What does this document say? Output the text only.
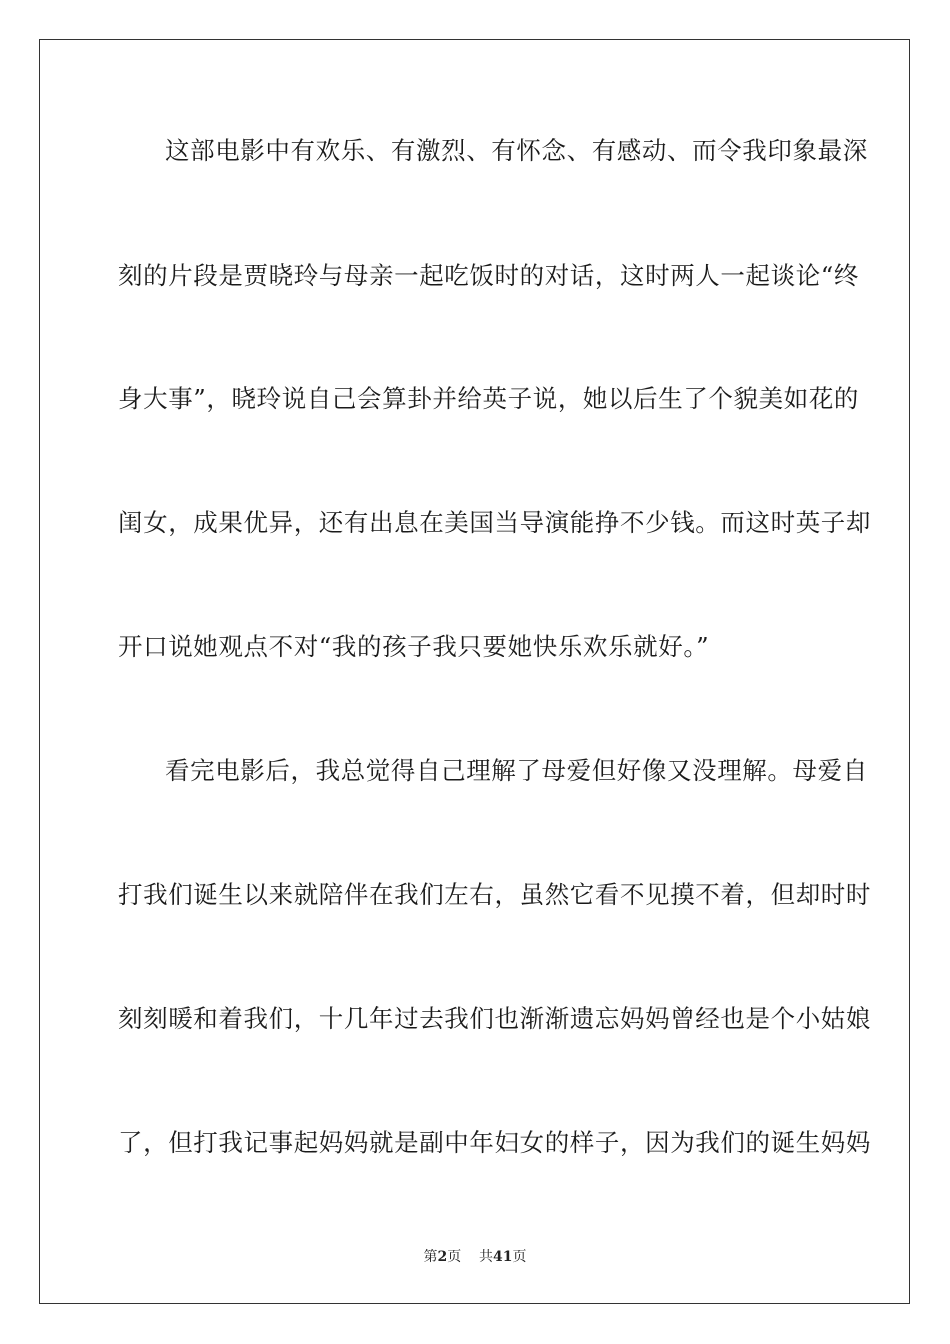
这部电影中有欢乐、有激烈、有怀念、有感动、而令我印象最深
刻的片段是贾晓玲与母亲一起吃饭时的对话，这时两人一起谈论“终
身大事”，晓玲说自己会算卦并给英子说，她以后生了个貌美如花的
闺女，成果优异，还有出息在美国当导演能挣不少钱。而这时英子却
开口说她观点不对“我的孩子我只要她快乐欢乐就好。”
看完电影后，我总觉得自己理解了母爱但好像又没理解。母爱自
打我们诞生以来就陪伴在我们左右，虽然它看不见摸不着，但却时时
刻刻暖和着我们，十几年过去我们也渐渐遗忘妈妈曾经也是个小姑娘
了，但打我记事起妈妈就是副中年妇女的样子，因为我们的诞生妈妈
第2页 共41页
